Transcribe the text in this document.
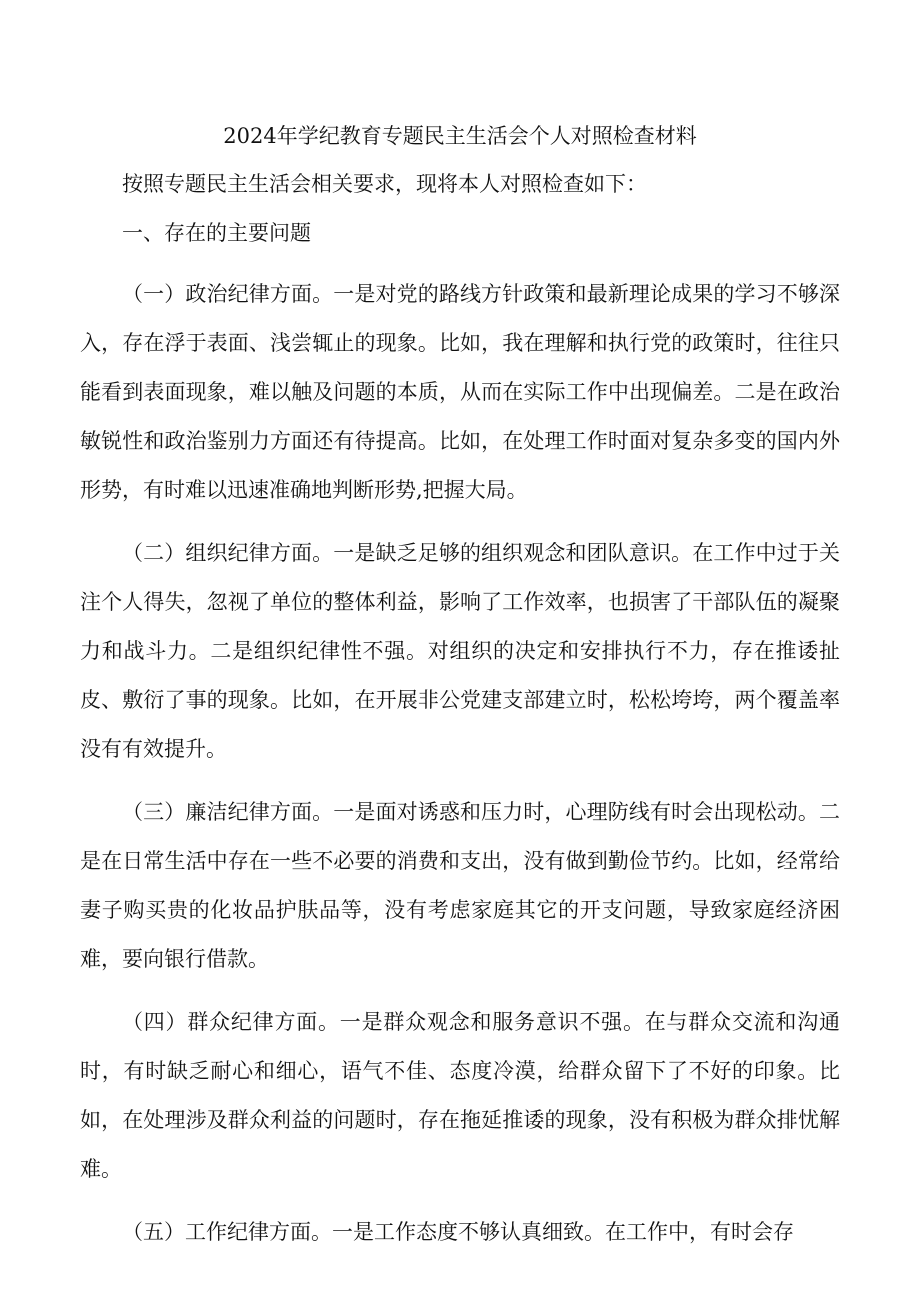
2024年学纪教育专题民主生活会个人对照检查材料

按照专题民主生活会相关要求，现将本人对照检查如下：

一、存在的主要问题

（一）政治纪律方面。一是对党的路线方针政策和最新理论成果的学习不够深入，存在浮于表面、浅尝辄止的现象。比如，我在理解和执行党的政策时，往往只能看到表面现象，难以触及问题的本质，从而在实际工作中出现偏差。二是在政治敏锐性和政治鉴别力方面还有待提高。比如，在处理工作时面对复杂多变的国内外形势，有时难以迅速准确地判断形势,把握大局。

（二）组织纪律方面。一是缺乏足够的组织观念和团队意识。在工作中过于关注个人得失，忽视了单位的整体利益，影响了工作效率，也损害了干部队伍的凝聚力和战斗力。二是组织纪律性不强。对组织的决定和安排执行不力，存在推诿扯皮、敷衍了事的现象。比如，在开展非公党建支部建立时，松松垮垮，两个覆盖率没有有效提升。

（三）廉洁纪律方面。一是面对诱惑和压力时，心理防线有时会出现松动。二是在日常生活中存在一些不必要的消费和支出，没有做到勤俭节约。比如，经常给妻子购买贵的化妆品护肤品等，没有考虑家庭其它的开支问题，导致家庭经济困难，要向银行借款。

（四）群众纪律方面。一是群众观念和服务意识不强。在与群众交流和沟通时，有时缺乏耐心和细心，语气不佳、态度冷漠，给群众留下了不好的印象。比如，在处理涉及群众利益的问题时，存在拖延推诿的现象，没有积极为群众排忧解难。

（五）工作纪律方面。一是工作态度不够认真细致。在工作中，有时会存
